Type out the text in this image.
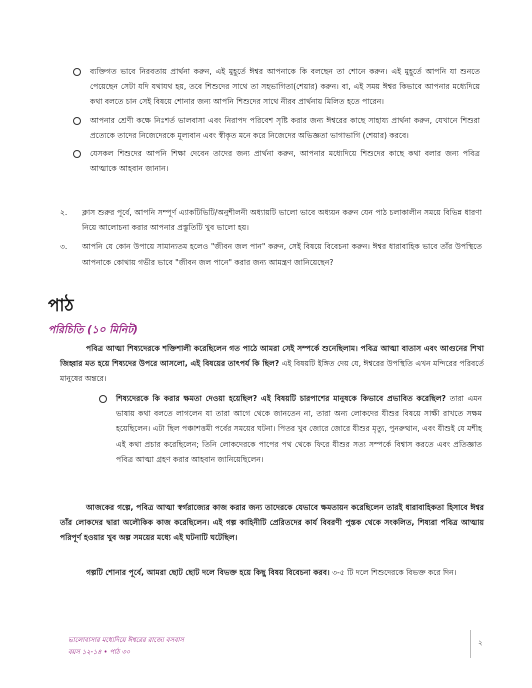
ব্যক্তিগত ভাবে নিরবতায় প্রার্থনা করুন, এই মুহূর্তে ঈশ্বর আপনাকে কি বলছেন তা শোনে করুন। এই মুহূর্তে আপনি যা শুনতে পেয়েছেন সেটা যদি যথাযথ হয়, তবে শিশুদের সাথে তা সহভাগিতা(শেয়ার) করুন। বা, এই সময় ঈশ্বর কিভাবে আপনার মধ্যেদিয়ে কথা বলতে চান সেই বিষয়ে শোনার জন্য আপনি শিশুদের সাথে নীরব প্রার্থনায় মিলিত হতে পারেন।
আপনার শ্রেণী কক্ষে নিঃশর্ত ভালবাসা এবং নিরাপদ পরিবেশ সৃষ্টি করার জন্য ঈশ্বরের কাছে সাহায্য প্রার্থনা করুন, যেখানে শিশুরা প্রত্যেকে তাদের নিজেদেরকে মূল্যবান এবং স্বীকৃত মনে করে নিজেদের অভিজ্ঞতা ভাগাভাগি (শেয়ার) করবে।
যেসকল শিশুদের আপনি শিক্ষা দেবেন তাদের জন্য প্রার্থনা করুন, আপনার মধ্যেদিয়ে শিশুদের কাছে কথা বলার জন্য পবিত্র আত্মাকে আহবান জানান।
২. ক্লাস শুরুর পূর্বে, আপনি সম্পূর্ণ এ্যাকটিভিটি/অনুশীলনী অধ্যায়টি ভালো ভাবে অধ্যয়ন করুন যেন পাঠ চলাকালীন সময়ে বিভিন্ন ধারণা নিয়ে আলোচনা করার আপনার প্রস্তুতিটি খুব ভালো হয়।
৩. আপনি যে কোন উপায়ে সামান্যতম হলেও "জীবন জল পান" করুন, সেই বিষয়ে বিবেচনা করুন। ঈশ্বর ধারাবাহিক ভাবে তাঁর উপস্থিতে আপনাকে কোথায় গভীর ভাবে "জীবন জল পানে" করার জন্য আমন্ত্রণ জানিয়েছেন?
পাঠ
পরিচিতি (১০ মিনিট)
পবিত্র আত্মা শিষ্যদেরকে শক্তিশালী করেছিলেন গত পাঠে আমরা সেই সম্পর্কে শুনেছিলাম। পবিত্র আত্মা বাতাস এবং আগুনের শিখা জিহ্বার মত হয়ে শিষ্যদের উপরে আসলো, এই বিষয়ের তাৎপর্য কি ছিল? এই বিষয়টি ইঙ্গিত দেয় যে, ঈশ্বরের উপস্থিতি এখন মন্দিরের পরিবর্তে মানুষের অন্তরে।
শিষ্যদেরকে কি করার ক্ষমতা দেওয়া হয়েছিল? এই বিষয়টি চারপাশের মানুষকে কিভাবে প্রভাবিত করেছিল? তারা এমন ভাষায় কথা বলতে লাগলেন যা তারা আগে থেকে জানতেন না, তারা অন্য লোকদের যীশুর বিষয়ে সাক্ষী রাখতে সক্ষম হয়েছিলেন। এটা ছিল পঞ্চাশত্তমী পর্বের সময়ের ঘটনা। পিতর খুব জোরে জোরে যীশুর মৃত্যু, পুনরুত্থান, এবং যীশুই যে মশীহ এই কথা প্রচার করেছিলেন; তিনি লোকদেরকে পাপের পথ থেকে ফিরে যীশুর সত্য সম্পর্কে বিশ্বাস করতে এবং প্রতিজ্ঞাত পবিত্র আত্মা গ্রহণ করার আহবান জানিয়েছিলেন।
আজকের গল্পে, পবিত্র আত্মা স্বর্গরাজ্যের কাজ করার জন্য তাদেরকে যেভাবে ক্ষমতায়ন করেছিলেন তারই ধারাবাহিকতা হিসাবে ঈশ্বর তাঁর লোকদের দ্বারা অলৌকিক কাজ করেছিলেন। এই গল্প কাহিনীটি প্রেরিতদের কার্য বিবরণী পুস্তক থেকে সংকলিত, শিষ্যরা পবিত্র আত্মায় পরিপূর্ণ হওয়ার খুব অল্প সময়ের মধ্যে এই ঘটনাটি ঘটেছিল।
গল্পটি শোনার পূর্বে, আমরা ছোট ছোট দলে বিভক্ত হয়ে কিছু বিষয় বিবেচনা করব। ৩-৫ টি দলে শিশুদেরকে বিভক্ত করে দিন।
ভালোবাসার মধ্যেদিয়ে ঈশ্বরের রাজ্যে বসবাস
বয়স ১২-১৪ • পাঠ ৩০
২
